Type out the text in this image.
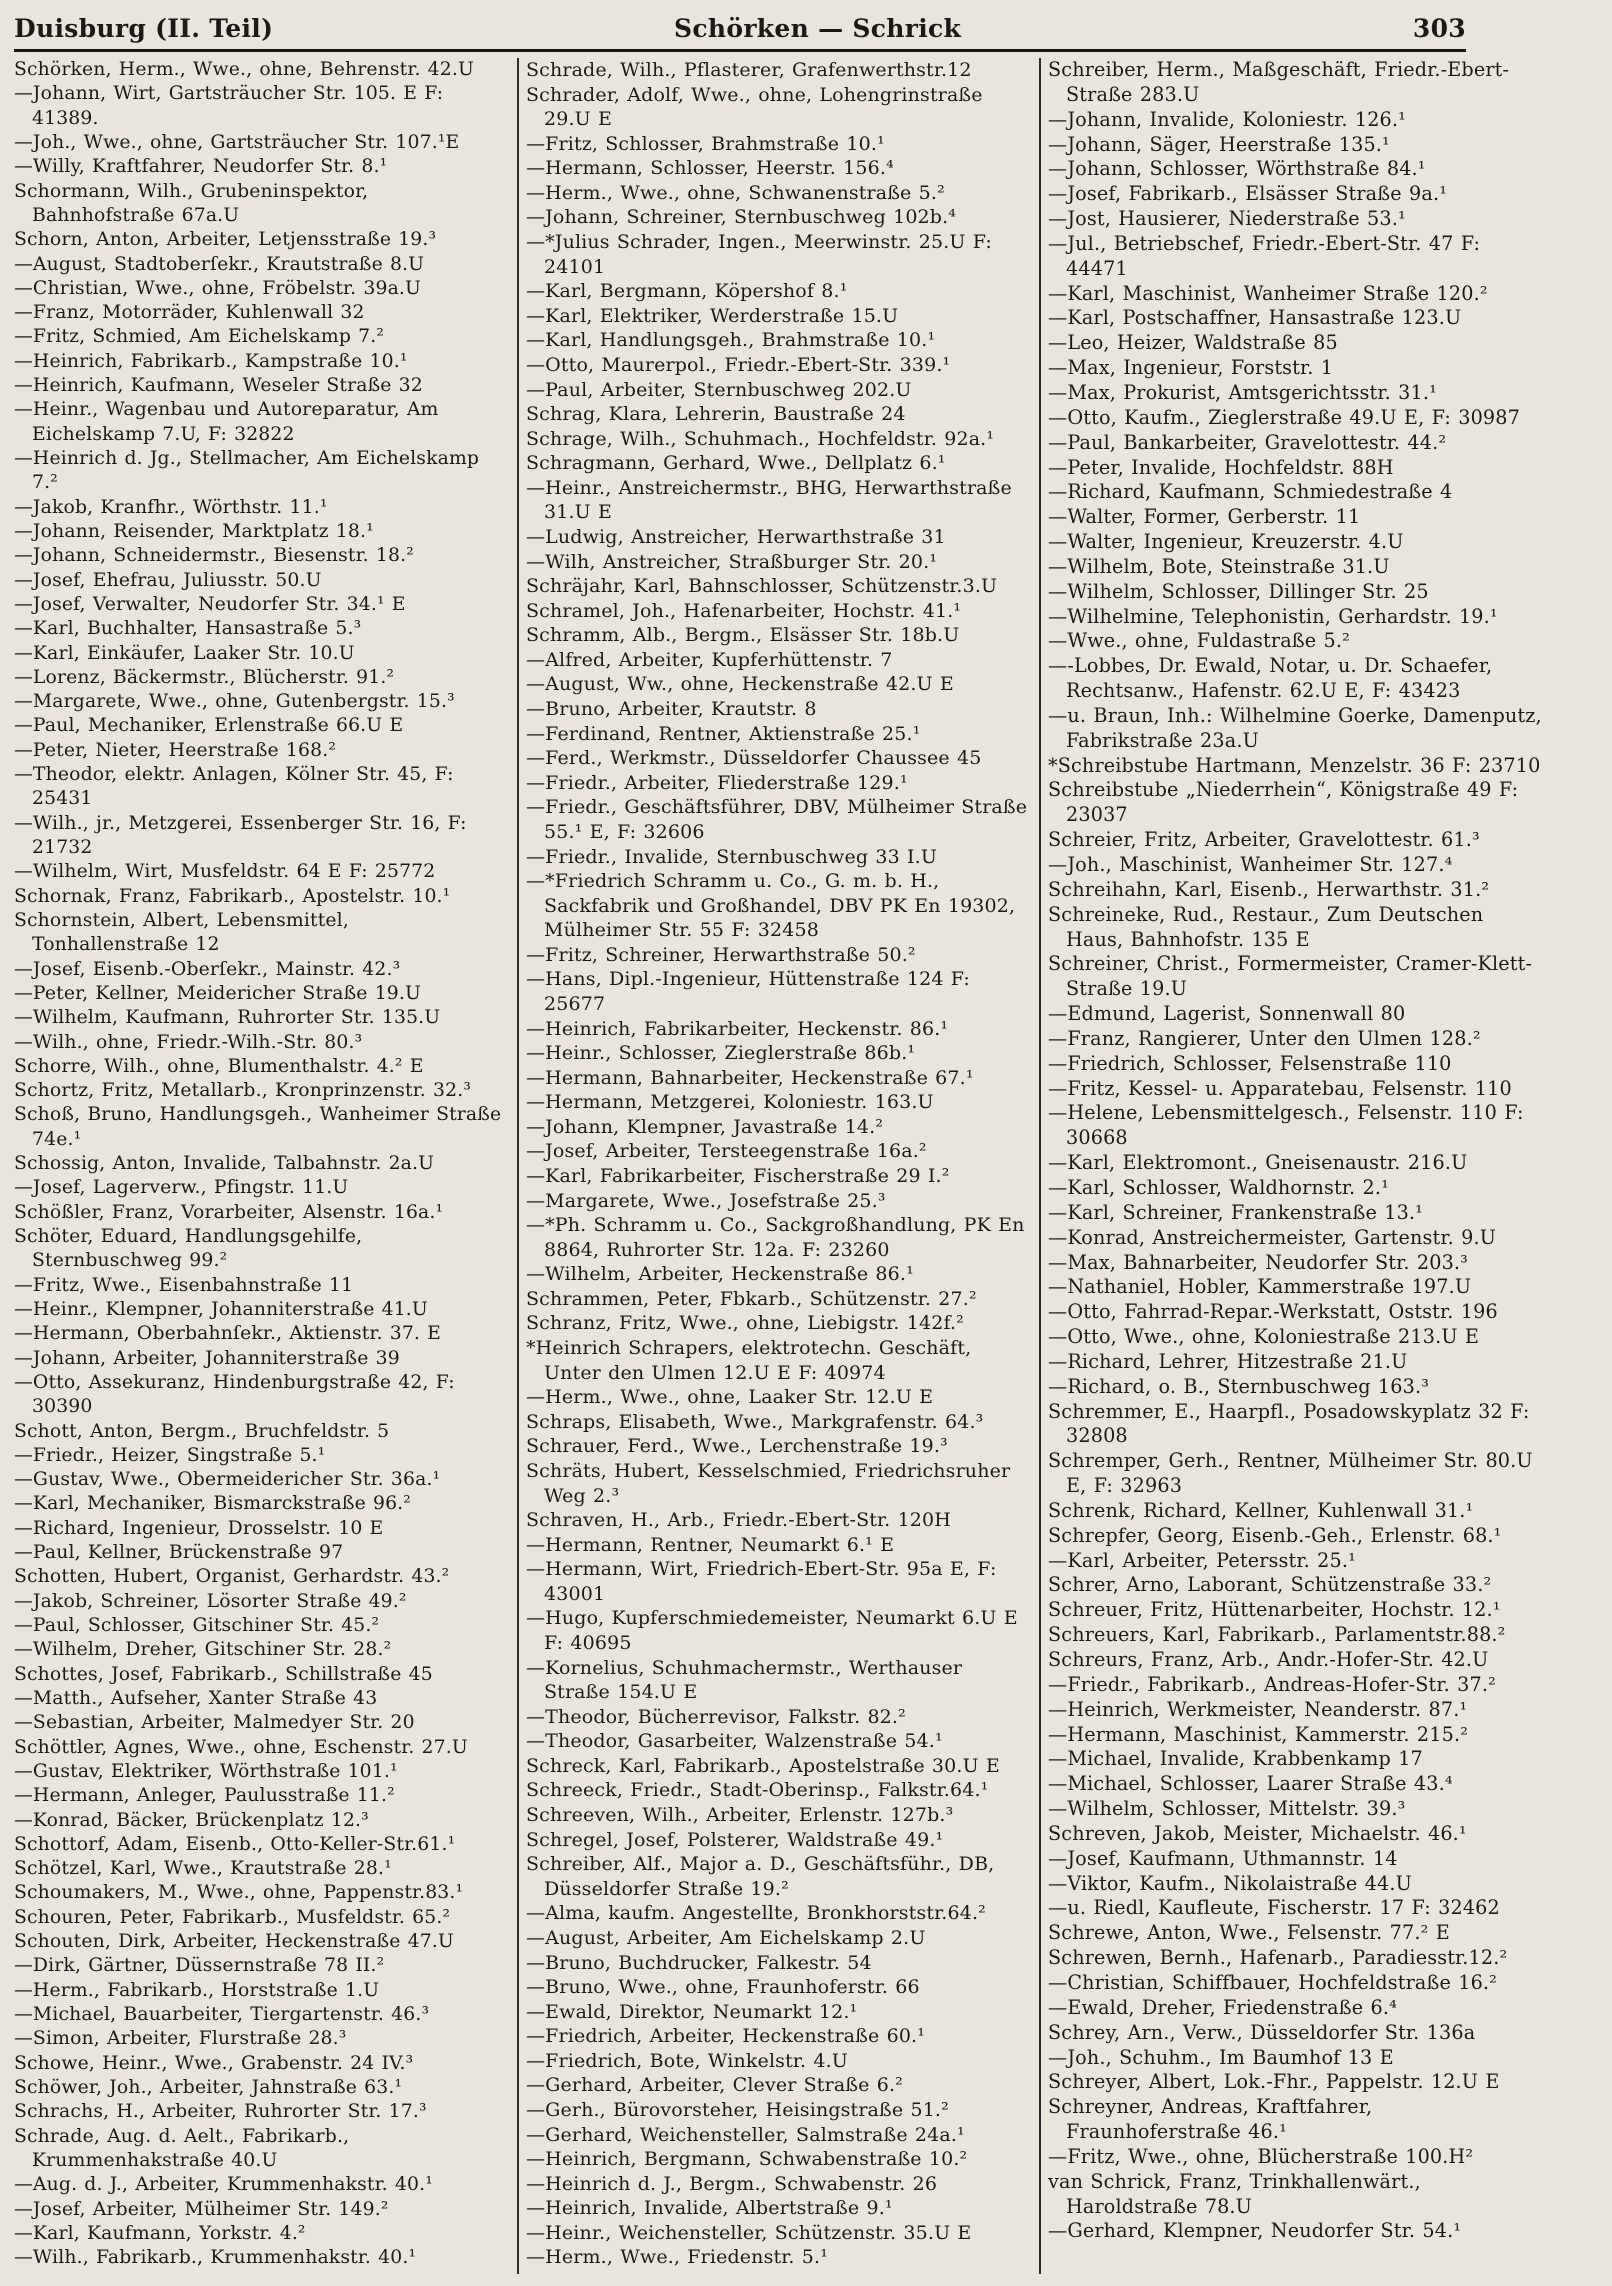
Duisburg (II. Teil)	Schörken — Schrick	303

Schörken, Herm., Wwe., ohne, Behrenstr. 42.U

—Johann, Wirt, Gartsträucher Str. 105. E F: 41389.

—Joh., Wwe., ohne, Gartsträucher Str. 107.¹E

—Willy, Kraftfahrer, Neudorfer Str. 8.¹

Schormann, Wilh., Grubeninspektor, Bahnhofstraße 67a.U

Schorn, Anton, Arbeiter, Letjensstraße 19.³

—August, Stadtoberſekr., Krautstraße 8.U

—Christian, Wwe., ohne, Fröbelstr. 39a.U

—Franz, Motorräder, Kuhlenwall 32

—Fritz, Schmied, Am Eichelskamp 7.²

—Heinrich, Fabrikarb., Kampstraße 10.¹

—Heinrich, Kaufmann, Weseler Straße 32

—Heinr., Wagenbau und Autoreparatur, Am Eichelskamp 7.U, F: 32822

—Heinrich d. Jg., Stellmacher, Am Eichelskamp 7.²

—Jakob, Kranfhr., Wörthstr. 11.¹

—Johann, Reisender, Marktplatz 18.¹

—Johann, Schneidermstr., Biesenstr. 18.²

—Josef, Ehefrau, Juliusstr. 50.U

—Josef, Verwalter, Neudorfer Str. 34.¹ E

—Karl, Buchhalter, Hansastraße 5.³

—Karl, Einkäufer, Laaker Str. 10.U

—Lorenz, Bäckermstr., Blücherstr. 91.²

—Margarete, Wwe., ohne, Gutenbergstr. 15.³

—Paul, Mechaniker, Erlenstraße 66.U E

—Peter, Nieter, Heerstraße 168.²

—Theodor, elektr. Anlagen, Kölner Str. 45, F: 25431

—Wilh., jr., Metzgerei, Essenberger Str. 16, F: 21732

—Wilhelm, Wirt, Musfeldstr. 64 E F: 25772

Schornak, Franz, Fabrikarb., Apostelstr. 10.¹

Schornstein, Albert, Lebensmittel, Tonhallenstraße 12

—Josef, Eisenb.-Oberſekr., Mainstr. 42.³

—Peter, Kellner, Meidericher Straße 19.U

—Wilhelm, Kaufmann, Ruhrorter Str. 135.U

—Wilh., ohne, Friedr.-Wilh.-Str. 80.³

Schorre, Wilh., ohne, Blumenthalstr. 4.² E

Schortz, Fritz, Metallarb., Kronprinzenstr. 32.³

Schoß, Bruno, Handlungsgeh., Wanheimer Straße 74e.¹

Schossig, Anton, Invalide, Talbahnstr. 2a.U

—Josef, Lagerverw., Pfingstr. 11.U

Schößler, Franz, Vorarbeiter, Alsenstr. 16a.¹

Schöter, Eduard, Handlungsgehilfe, Sternbuschweg 99.²

—Fritz, Wwe., Eisenbahnstraße 11

—Heinr., Klempner, Johanniterstraße 41.U

—Hermann, Oberbahnſekr., Aktienstr. 37. E

—Johann, Arbeiter, Johanniterstraße 39

—Otto, Assekuranz, Hindenburgstraße 42, F: 30390

Schott, Anton, Bergm., Bruchfeldstr. 5

—Friedr., Heizer, Singstraße 5.¹

—Gustav, Wwe., Obermeidericher Str. 36a.¹

—Karl, Mechaniker, Bismarckstraße 96.²

—Richard, Ingenieur, Drosselstr. 10 E

—Paul, Kellner, Brückenstraße 97

Schotten, Hubert, Organist, Gerhardstr. 43.²

—Jakob, Schreiner, Lösorter Straße 49.²

—Paul, Schlosser, Gitschiner Str. 45.²

—Wilhelm, Dreher, Gitschiner Str. 28.²

Schottes, Josef, Fabrikarb., Schillstraße 45

—Matth., Aufseher, Xanter Straße 43

—Sebastian, Arbeiter, Malmedyer Str. 20

Schöttler, Agnes, Wwe., ohne, Eschenstr. 27.U

—Gustav, Elektriker, Wörthstraße 101.¹

—Hermann, Anleger, Paulusstraße 11.²

—Konrad, Bäcker, Brückenplatz 12.³

Schottorf, Adam, Eisenb., Otto-Keller-Str.61.¹

Schötzel, Karl, Wwe., Krautstraße 28.¹

Schoumakers, M., Wwe., ohne, Pappenstr.83.¹

Schouren, Peter, Fabrikarb., Musfeldstr. 65.²

Schouten, Dirk, Arbeiter, Heckenstraße 47.U

—Dirk, Gärtner, Düssernstraße 78 II.²

—Herm., Fabrikarb., Horststraße 1.U

—Michael, Bauarbeiter, Tiergartenstr. 46.³

—Simon, Arbeiter, Flurstraße 28.³

Schowe, Heinr., Wwe., Grabenstr. 24 IV.³

Schöwer, Joh., Arbeiter, Jahnstraße 63.¹

Schrachs, H., Arbeiter, Ruhrorter Str. 17.³

Schrade, Aug. d. Aelt., Fabrikarb., Krummenhakstraße 40.U

—Aug. d. J., Arbeiter, Krummenhakstr. 40.¹

—Josef, Arbeiter, Mülheimer Str. 149.²

—Karl, Kaufmann, Yorkstr. 4.²

—Wilh., Fabrikarb., Krummenhakstr. 40.¹

Schrade, Wilh., Pflasterer, Grafenwerthstr.12

Schrader, Adolf, Wwe., ohne, Lohengrinstraße 29.U E

—Fritz, Schlosser, Brahmstraße 10.¹

—Hermann, Schlosser, Heerstr. 156.⁴

—Herm., Wwe., ohne, Schwanenstraße 5.²

—Johann, Schreiner, Sternbuschweg 102b.⁴

—*Julius Schrader, Ingen., Meerwinstr. 25.U F: 24101

—Karl, Bergmann, Köpershof 8.¹

—Karl, Elektriker, Werderstraße 15.U

—Karl, Handlungsgeh., Brahmstraße 10.¹

—Otto, Maurerpol., Friedr.-Ebert-Str. 339.¹

—Paul, Arbeiter, Sternbuschweg 202.U

Schrag, Klara, Lehrerin, Baustraße 24

Schrage, Wilh., Schuhmach., Hochfeldstr. 92a.¹

Schragmann, Gerhard, Wwe., Dellplatz 6.¹

—Heinr., Anstreichermstr., BHG, Herwarthstraße 31.U E

—Ludwig, Anstreicher, Herwarthstraße 31

—Wilh, Anstreicher, Straßburger Str. 20.¹

Schräjahr, Karl, Bahnschlosser, Schützenstr.3.U

Schramel, Joh., Hafenarbeiter, Hochstr. 41.¹

Schramm, Alb., Bergm., Elsässer Str. 18b.U

—Alfred, Arbeiter, Kupferhüttenstr. 7

—August, Ww., ohne, Heckenstraße 42.U E

—Bruno, Arbeiter, Krautstr. 8

—Ferdinand, Rentner, Aktienstraße 25.¹

—Ferd., Werkmstr., Düsseldorfer Chaussee 45

—Friedr., Arbeiter, Fliederstraße 129.¹

—Friedr., Geschäftsführer, DBV, Mülheimer Straße 55.¹ E, F: 32606

—Friedr., Invalide, Sternbuschweg 33 I.U

—*Friedrich Schramm u. Co., G. m. b. H., Sackfabrik und Großhandel, DBV PK En 19302, Mülheimer Str. 55 F: 32458

—Fritz, Schreiner, Herwarthstraße 50.²

—Hans, Dipl.-Ingenieur, Hüttenstraße 124 F: 25677

—Heinrich, Fabrikarbeiter, Heckenstr. 86.¹

—Heinr., Schlosser, Zieglerstraße 86b.¹

—Hermann, Bahnarbeiter, Heckenstraße 67.¹

—Hermann, Metzgerei, Koloniestr. 163.U

—Johann, Klempner, Javastraße 14.²

—Josef, Arbeiter, Tersteegenstraße 16a.²

—Karl, Fabrikarbeiter, Fischerstraße 29 I.²

—Margarete, Wwe., Josefstraße 25.³

—*Ph. Schramm u. Co., Sackgroßhandlung, PK En 8864, Ruhrorter Str. 12a. F: 23260

—Wilhelm, Arbeiter, Heckenstraße 86.¹

Schrammen, Peter, Fbkarb., Schützenstr. 27.²

Schranz, Fritz, Wwe., ohne, Liebigstr. 142f.²

*Heinrich Schrapers, elektrotechn. Geschäft, Unter den Ulmen 12.U E F: 40974

—Herm., Wwe., ohne, Laaker Str. 12.U E

Schraps, Elisabeth, Wwe., Markgrafenstr. 64.³

Schrauer, Ferd., Wwe., Lerchenstraße 19.³

Schräts, Hubert, Kesselschmied, Friedrichsruher Weg 2.³

Schraven, H., Arb., Friedr.-Ebert-Str. 120H

—Hermann, Rentner, Neumarkt 6.¹ E

—Hermann, Wirt, Friedrich-Ebert-Str. 95a E, F: 43001

—Hugo, Kupferschmiedemeister, Neumarkt 6.U E F: 40695

—Kornelius, Schuhmachermstr., Werthauser Straße 154.U E

—Theodor, Bücherrevisor, Falkstr. 82.²

—Theodor, Gasarbeiter, Walzenstraße 54.¹

Schreck, Karl, Fabrikarb., Apostelstraße 30.U E

Schreeck, Friedr., Stadt-Oberinsp., Falkstr.64.¹

Schreeven, Wilh., Arbeiter, Erlenstr. 127b.³

Schregel, Josef, Polsterer, Waldstraße 49.¹

Schreiber, Alf., Major a. D., Geschäftsführ., DB, Düsseldorfer Straße 19.²

—Alma, kaufm. Angestellte, Bronkhorststr.64.²

—August, Arbeiter, Am Eichelskamp 2.U

—Bruno, Buchdrucker, Falkestr. 54

—Bruno, Wwe., ohne, Fraunhoferstr. 66

—Ewald, Direktor, Neumarkt 12.¹

—Friedrich, Arbeiter, Heckenstraße 60.¹

—Friedrich, Bote, Winkelstr. 4.U

—Gerhard, Arbeiter, Clever Straße 6.²

—Gerh., Bürovorsteher, Heisingstraße 51.²

—Gerhard, Weichensteller, Salmstraße 24a.¹

—Heinrich, Bergmann, Schwabenstraße 10.²

—Heinrich d. J., Bergm., Schwabenstr. 26

—Heinrich, Invalide, Albertstraße 9.¹

—Heinr., Weichensteller, Schützenstr. 35.U E

—Herm., Wwe., Friedenstr. 5.¹

Schreiber, Herm., Maßgeschäft, Friedr.-Ebert-Straße 283.U

—Johann, Invalide, Koloniestr. 126.¹

—Johann, Säger, Heerstraße 135.¹

—Johann, Schlosser, Wörthstraße 84.¹

—Josef, Fabrikarb., Elsässer Straße 9a.¹

—Jost, Hausierer, Niederstraße 53.¹

—Jul., Betriebschef, Friedr.-Ebert-Str. 47 F: 44471

—Karl, Maschinist, Wanheimer Straße 120.²

—Karl, Postschaffner, Hansastraße 123.U

—Leo, Heizer, Waldstraße 85

—Max, Ingenieur, Forststr. 1

—Max, Prokurist, Amtsgerichtsstr. 31.¹

—Otto, Kaufm., Zieglerstraße 49.U E, F: 30987

—Paul, Bankarbeiter, Gravelottestr. 44.²

—Peter, Invalide, Hochfeldstr. 88H

—Richard, Kaufmann, Schmiedestraße 4

—Walter, Former, Gerberstr. 11

—Walter, Ingenieur, Kreuzerstr. 4.U

—Wilhelm, Bote, Steinstraße 31.U

—Wilhelm, Schlosser, Dillinger Str. 25

—Wilhelmine, Telephonistin, Gerhardstr. 19.¹

—Wwe., ohne, Fuldastraße 5.²

—-Lobbes, Dr. Ewald, Notar, u. Dr. Schaefer, Rechtsanw., Hafenstr. 62.U E, F: 43423

—u. Braun, Inh.: Wilhelmine Goerke, Damenputz, Fabrikstraße 23a.U

*Schreibstube Hartmann, Menzelstr. 36 F: 23710

Schreibstube „Niederrhein“, Königstraße 49 F: 23037

Schreier, Fritz, Arbeiter, Gravelottestr. 61.³

—Joh., Maschinist, Wanheimer Str. 127.⁴

Schreihahn, Karl, Eisenb., Herwarthstr. 31.²

Schreineke, Rud., Restaur., Zum Deutschen Haus, Bahnhofstr. 135 E

Schreiner, Christ., Formermeister, Cramer-Klett-Straße 19.U

—Edmund, Lagerist, Sonnenwall 80

—Franz, Rangierer, Unter den Ulmen 128.²

—Friedrich, Schlosser, Felsenstraße 110

—Fritz, Kessel- u. Apparatebau, Felsenstr. 110

—Helene, Lebensmittelgesch., Felsenstr. 110 F: 30668

—Karl, Elektromont., Gneisenaustr. 216.U

—Karl, Schlosser, Waldhornstr. 2.¹

—Karl, Schreiner, Frankenstraße 13.¹

—Konrad, Anstreichermeister, Gartenstr. 9.U

—Max, Bahnarbeiter, Neudorfer Str. 203.³

—Nathaniel, Hobler, Kammerstraße 197.U

—Otto, Fahrrad-Repar.-Werkstatt, Oststr. 196

—Otto, Wwe., ohne, Koloniestraße 213.U E

—Richard, Lehrer, Hitzestraße 21.U

—Richard, o. B., Sternbuschweg 163.³

Schremmer, E., Haarpfl., Posadowskyplatz 32 F: 32808

Schremper, Gerh., Rentner, Mülheimer Str. 80.U E, F: 32963

Schrenk, Richard, Kellner, Kuhlenwall 31.¹

Schrepfer, Georg, Eisenb.-Geh., Erlenstr. 68.¹

—Karl, Arbeiter, Petersstr. 25.¹

Schrer, Arno, Laborant, Schützenstraße 33.²

Schreuer, Fritz, Hüttenarbeiter, Hochstr. 12.¹

Schreuers, Karl, Fabrikarb., Parlamentstr.88.²

Schreurs, Franz, Arb., Andr.-Hofer-Str. 42.U

—Friedr., Fabrikarb., Andreas-Hofer-Str. 37.²

—Heinrich, Werkmeister, Neanderstr. 87.¹

—Hermann, Maschinist, Kammerstr. 215.²

—Michael, Invalide, Krabbenkamp 17

—Michael, Schlosser, Laarer Straße 43.⁴

—Wilhelm, Schlosser, Mittelstr. 39.³

Schreven, Jakob, Meister, Michaelstr. 46.¹

—Josef, Kaufmann, Uthmannstr. 14

—Viktor, Kaufm., Nikolaistraße 44.U

—u. Riedl, Kaufleute, Fischerstr. 17 F: 32462

Schrewe, Anton, Wwe., Felsenstr. 77.² E

Schrewen, Bernh., Hafenarb., Paradiesstr.12.²

—Christian, Schiffbauer, Hochfeldstraße 16.²

—Ewald, Dreher, Friedenstraße 6.⁴

Schrey, Arn., Verw., Düsseldorfer Str. 136a

—Joh., Schuhm., Im Baumhof 13 E

Schreyer, Albert, Lok.-Fhr., Pappelstr. 12.U E

Schreyner, Andreas, Kraftfahrer, Fraunhoferstraße 46.¹

—Fritz, Wwe., ohne, Blücherstraße 100.H²

van Schrick, Franz, Trinkhallenwärt., Haroldstraße 78.U

—Gerhard, Klempner, Neudorfer Str. 54.¹
